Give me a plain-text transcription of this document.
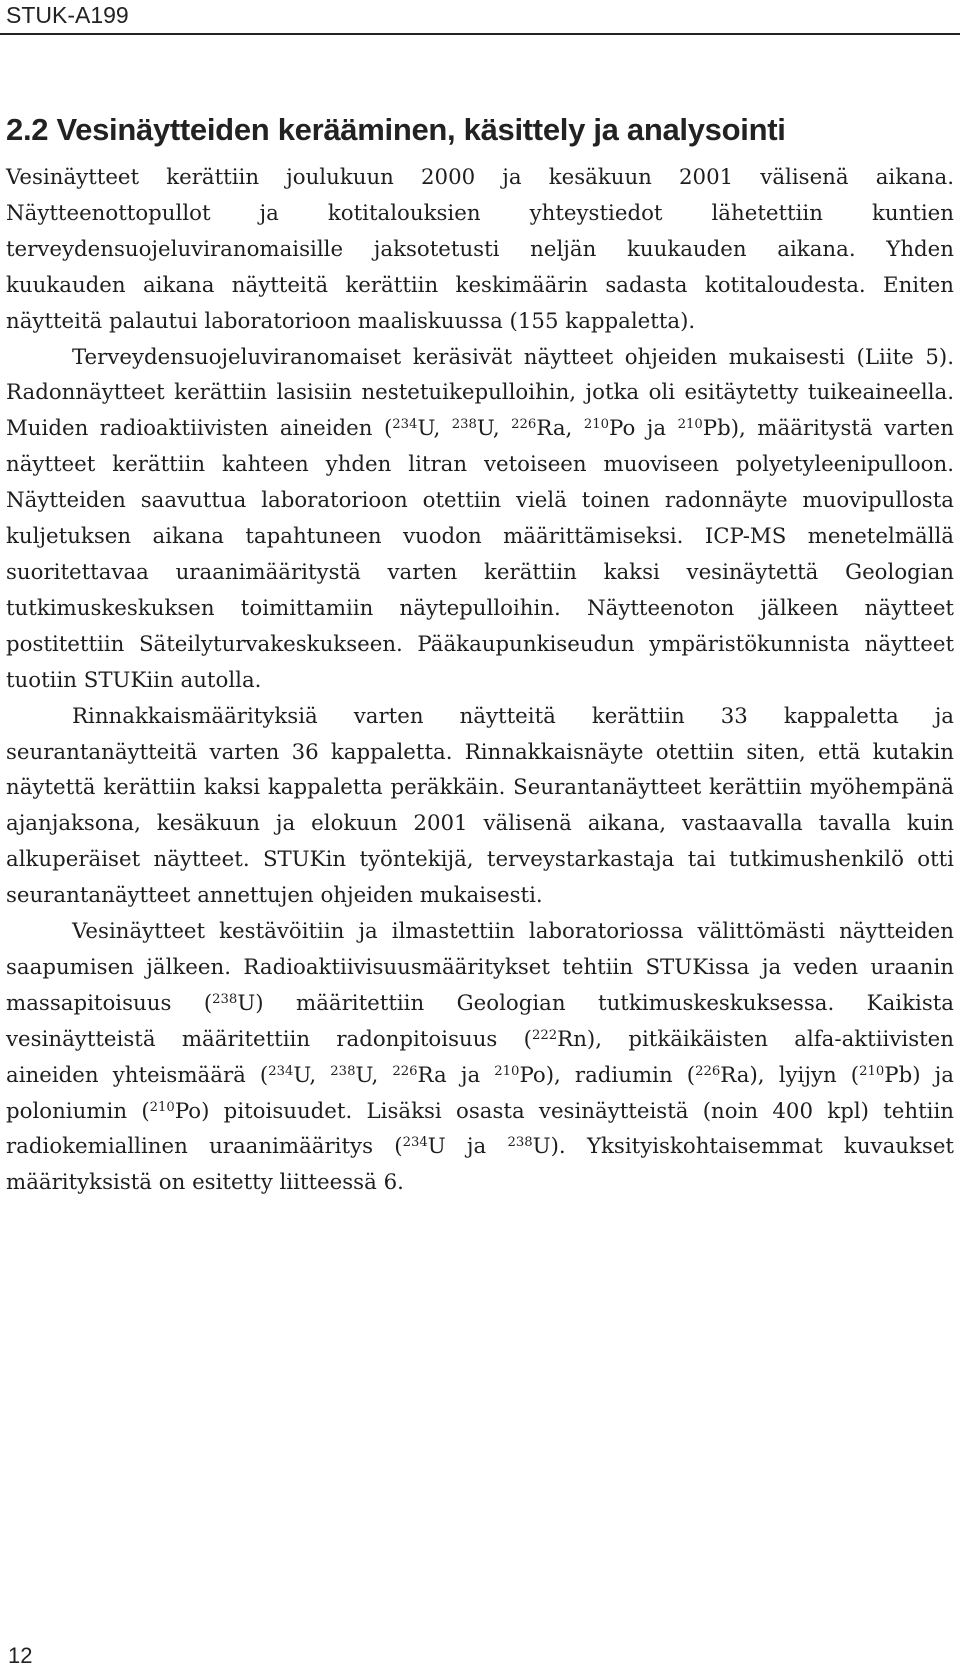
STUK-A199
2.2 Vesinäytteiden kerääminen, käsittely ja analysointi

Vesinäytteet kerättiin joulukuun 2000 ja kesäkuun 2001 välisenä aikana. Näytteenottopullot ja kotitalouksien yhteystiedot lähetettiin kuntien terveydensuojeluviranomaisille jaksotetusti neljän kuukauden aikana. Yhden kuukauden aikana näytteitä kerättiin keskimäärin sadasta kotitaloudesta. Eniten näytteitä palautui laboratorioon maaliskuussa (155 kappaletta).

Terveydensuojeluviranomaiset keräsivät näytteet ohjeiden mukaisesti (Liite 5). Radonnäytteet kerättiin lasisiin nestetuikepulloihin, jotka oli esitäytetty tuikeaineella. Muiden radioaktiivisten aineiden ($^{234}$U, $^{238}$U, $^{226}$Ra, $^{210}$Po ja $^{210}$Pb), määritystä varten näytteet kerättiin kahteen yhden litran vetoiseen muoviseen polyetyleenipulloon. Näytteiden saavuttua laboratorioon otettiin vielä toinen radonnäyte muovipullosta kuljetuksen aikana tapahtuneen vuodon määrittämiseksi. ICP-MS menetelmällä suoritettavaa uraanimääritystä varten kerättiin kaksi vesinäytettä Geologian tutkimuskeskuksen toimittamiin näytepulloihin. Näytteenoton jälkeen näytteet postitettiin Säteilyturvakeskukseen. Pääkaupunkiseudun ympäristökunnista näytteet tuotiin STUKiin autolla.

Rinnakkaismäärityksiä varten näytteitä kerättiin 33 kappaletta ja seurantanäytteitä varten 36 kappaletta. Rinnakkaisnäyte otettiin siten, että kutakin näytettä kerättiin kaksi kappaletta peräkkäin. Seurantanäytteet kerättiin myöhempänä ajanjaksona, kesäkuun ja elokuun 2001 välisenä aikana, vastaavalla tavalla kuin alkuperäiset näytteet. STUKin työntekijä, terveystarkastaja tai tutkimushenkilö otti seurantanäytteet annettujen ohjeiden mukaisesti.

Vesinäytteet kestävöitiin ja ilmastettiin laboratoriossa välittömästi näytteiden saapumisen jälkeen. Radioaktiivisuusmääritykset tehtiin STUKissa ja veden uraanin massapitoisuus ($^{238}$U) määritettiin Geologian tutkimuskeskuksessa. Kaikista vesinäytteistä määritettiin radonpitoisuus ($^{222}$Rn), pitkäikäisten alfa-aktiivisten aineiden yhteismäärä ($^{234}$U, $^{238}$U, $^{226}$Ra ja $^{210}$Po), radiumin ($^{226}$Ra), lyijyn ($^{210}$Pb) ja poloniumin ($^{210}$Po) pitoisuudet. Lisäksi osasta vesinäytteistä (noin 400 kpl) tehtiin radiokemiallinen uraanimääritys ($^{234}$U ja $^{238}$U). Yksityiskohtaisemmat kuvaukset määrityksistä on esitetty liitteessä 6.

12
